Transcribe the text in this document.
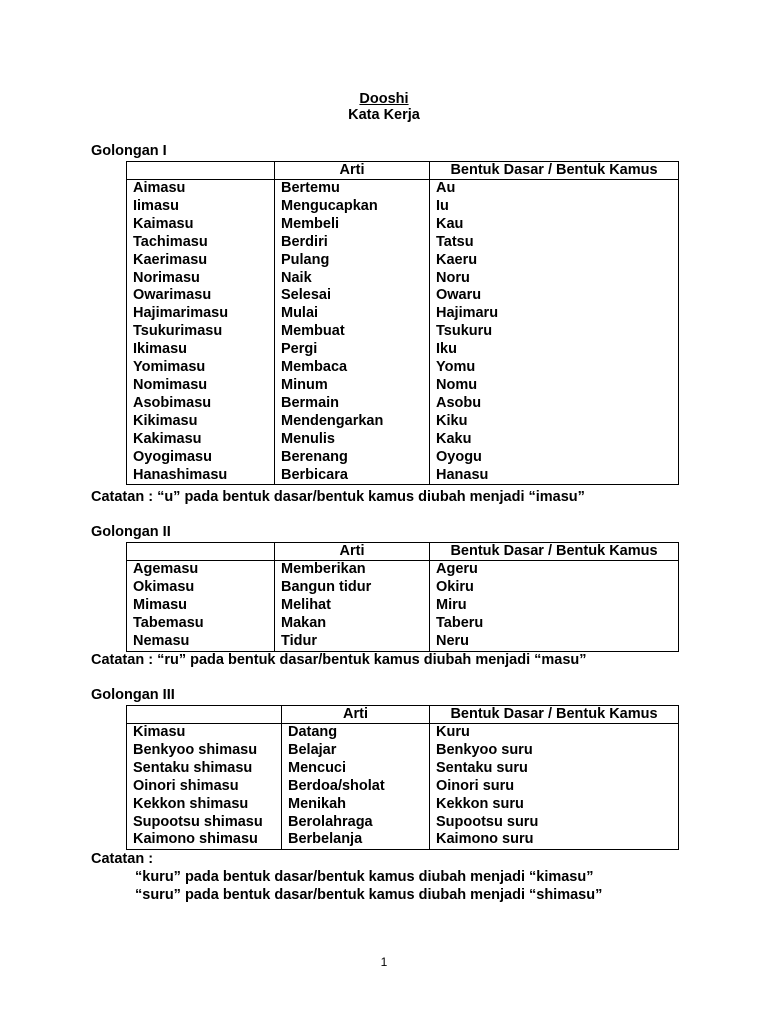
Dooshi
Kata Kerja
Golongan I
	Arti	Bentuk Dasar / Bentuk Kamus
Aimasu	Bertemu	Au
Iimasu	Mengucapkan	Iu
Kaimasu	Membeli	Kau
Tachimasu	Berdiri	Tatsu
Kaerimasu	Pulang	Kaeru
Norimasu	Naik	Noru
Owarimasu	Selesai	Owaru
Hajimarimasu	Mulai	Hajimaru
Tsukurimasu	Membuat	Tsukuru
Ikimasu	Pergi	Iku
Yomimasu	Membaca	Yomu
Nomimasu	Minum	Nomu
Asobimasu	Bermain	Asobu
Kikimasu	Mendengarkan	Kiku
Kakimasu	Menulis	Kaku
Oyogimasu	Berenang	Oyogu
Hanashimasu	Berbicara	Hanasu
Catatan : “u” pada bentuk dasar/bentuk kamus diubah menjadi “imasu”
Golongan II
	Arti	Bentuk Dasar / Bentuk Kamus
Agemasu	Memberikan	Ageru
Okimasu	Bangun tidur	Okiru
Mimasu	Melihat	Miru
Tabemasu	Makan	Taberu
Nemasu	Tidur	Neru
Catatan : “ru” pada bentuk dasar/bentuk kamus diubah menjadi “masu”
Golongan III
	Arti	Bentuk Dasar / Bentuk Kamus
Kimasu	Datang	Kuru
Benkyoo shimasu	Belajar	Benkyoo suru
Sentaku shimasu	Mencuci	Sentaku suru
Oinori shimasu	Berdoa/sholat	Oinori suru
Kekkon shimasu	Menikah	Kekkon suru
Supootsu shimasu	Berolahraga	Supootsu suru
Kaimono shimasu	Berbelanja	Kaimono suru
Catatan :
“kuru” pada bentuk dasar/bentuk kamus diubah menjadi “kimasu”
“suru” pada bentuk dasar/bentuk kamus diubah menjadi “shimasu”
1
